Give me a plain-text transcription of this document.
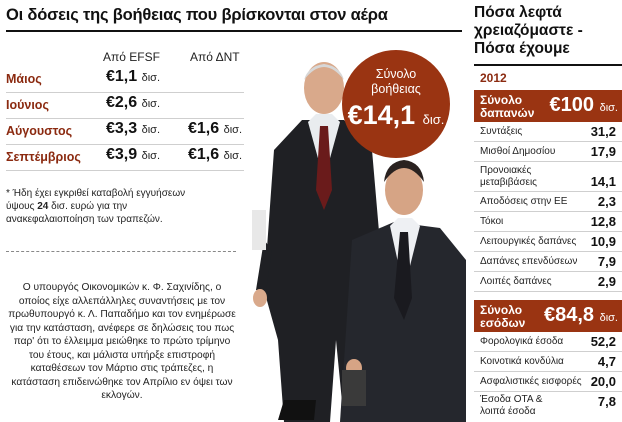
Οι δόσεις της βοήθειας που βρίσκονται στον αέρα
Από EFSF	Από ΔΝΤ
Μάιος	€1,1 δισ.
Ιούνιος	€2,6 δισ.
Αύγουστος €3,3 δισ. €1,6 δισ.
Σεπτέμβριος €3,9 δισ. €1,6 δισ.
* Ήδη έχει εγκριθεί καταβολή εγγυήσεων ύψους 24 δισ. ευρώ για την ανακεφαλαιοποίηση των τραπεζών.
Ο υπουργός Οικονομικών κ. Φ. Σαχινίδης, ο οποίος είχε αλλεπάλληλες συναντήσεις με τον πρωθυπουργό κ. Λ. Παπαδήμο και τον ενημέρωσε για την κατάσταση, ανέφερε σε δηλώσεις του πως παρ' ότι το έλλειμμα μειώθηκε το πρώτο τρίμηνο του έτους, και μάλιστα υπήρξε επιστροφή καταθέσεων τον Μάρτιο στις τράπεζες, η κατάσταση επιδεινώθηκε τον Απρίλιο εν όψει των εκλογών.
Σύνολο
βοήθειας
€14,1 δισ.
Πόσα λεφτά χρειαζόμαστε - Πόσα έχουμε
2012
Σύνολο
δαπανών €100 δισ.
Συντάξεις	31,2
Μισθοί Δημοσίου	17,9
Προνοιακές μεταβιβάσεις	14,1
Αποδόσεις στην ΕΕ 2,3
Τόκοι	12,8
Λειτουργικές δαπάνες 10,9
Δαπάνες επενδύσεων 7,9
Λοιπές δαπάνες	2,9
Σύνολο
εσόδων €84,8 δισ.
Φορολογικά έσοδα 52,2
Κοινοτικά κονδύλια	4,7
Ασφαλιστικές εισφορές 20,0
Έσοδα ΟΤΑ & λοιπά έσοδα
7,8
